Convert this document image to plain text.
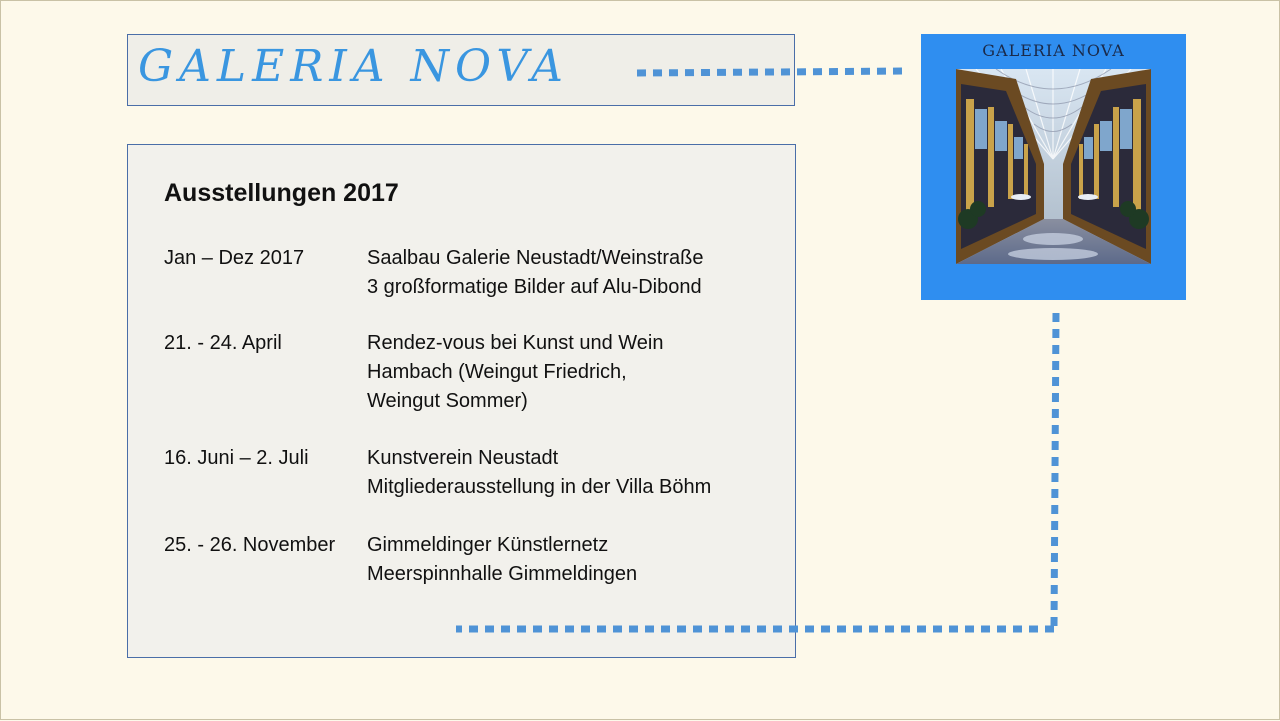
GALERIA NOVA
Ausstellungen 2017
Jan – Dez 2017	Saalbau Galerie Neustadt/Weinstraße
3 großformatige Bilder auf Alu-Dibond
21. - 24. April	Rendez-vous bei Kunst und Wein
Hambach (Weingut Friedrich,
Weingut Sommer)
16. Juni – 2. Juli	Kunstverein Neustadt
Mitgliederausstellung in der Villa Böhm
25. - 26. November Gimmeldinger Künstlernetz
Meerspinnhalle Gimmeldingen
GALERIA NOVA
